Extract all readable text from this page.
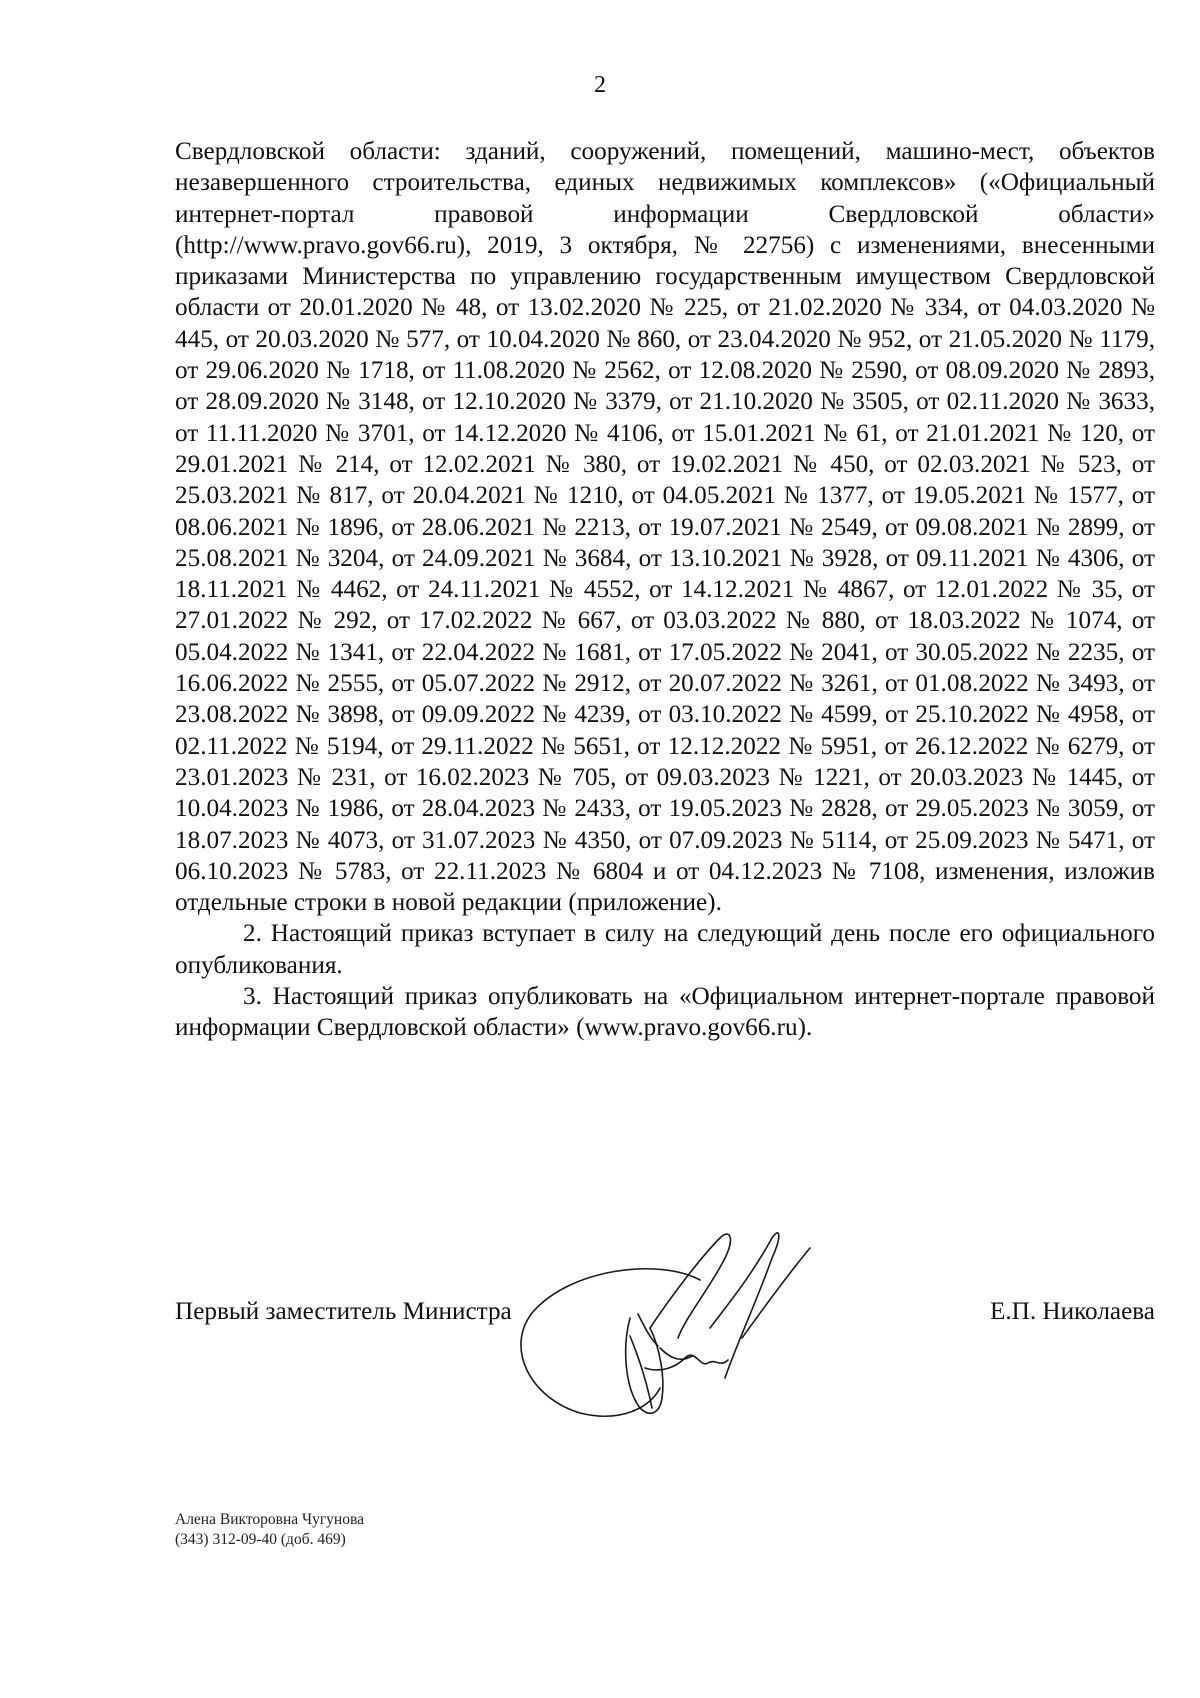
2

Свердловской области: зданий, сооружений, помещений, машино-мест, объектов незавершенного строительства, единых недвижимых комплексов» («Официальный интернет-портал правовой информации Свердловской области» (http://www.pravo.gov66.ru), 2019, 3 октября, № 22756) с изменениями, внесенными приказами Министерства по управлению государственным имуществом Свердловской области от 20.01.2020 № 48, от 13.02.2020 № 225, от 21.02.2020 № 334, от 04.03.2020 № 445, от 20.03.2020 № 577, от 10.04.2020 № 860, от 23.04.2020 № 952, от 21.05.2020 № 1179, от 29.06.2020 № 1718, от 11.08.2020 № 2562, от 12.08.2020 № 2590, от 08.09.2020 № 2893, от 28.09.2020 № 3148, от 12.10.2020 № 3379, от 21.10.2020 № 3505, от 02.11.2020 № 3633, от 11.11.2020 № 3701, от 14.12.2020 № 4106, от 15.01.2021 № 61, от 21.01.2021 № 120, от 29.01.2021 № 214, от 12.02.2021 № 380, от 19.02.2021 № 450, от 02.03.2021 № 523, от 25.03.2021 № 817, от 20.04.2021 № 1210, от 04.05.2021 № 1377, от 19.05.2021 № 1577, от 08.06.2021 № 1896, от 28.06.2021 № 2213, от 19.07.2021 № 2549, от 09.08.2021 № 2899, от 25.08.2021 № 3204, от 24.09.2021 № 3684, от 13.10.2021 № 3928, от 09.11.2021 № 4306, от 18.11.2021 № 4462, от 24.11.2021 № 4552, от 14.12.2021 № 4867, от 12.01.2022 № 35, от 27.01.2022 № 292, от 17.02.2022 № 667, от 03.03.2022 № 880, от 18.03.2022 № 1074, от 05.04.2022 № 1341, от 22.04.2022 № 1681, от 17.05.2022 № 2041, от 30.05.2022 № 2235, от 16.06.2022 № 2555, от 05.07.2022 № 2912, от 20.07.2022 № 3261, от 01.08.2022 № 3493, от 23.08.2022 № 3898, от 09.09.2022 № 4239, от 03.10.2022 № 4599, от 25.10.2022 № 4958, от 02.11.2022 № 5194, от 29.11.2022 № 5651, от 12.12.2022 № 5951, от 26.12.2022 № 6279, от 23.01.2023 № 231, от 16.02.2023 № 705, от 09.03.2023 № 1221, от 20.03.2023 № 1445, от 10.04.2023 № 1986, от 28.04.2023 № 2433, от 19.05.2023 № 2828, от 29.05.2023 № 3059, от 18.07.2023 № 4073, от 31.07.2023 № 4350, от 07.09.2023 № 5114, от 25.09.2023 № 5471, от 06.10.2023 № 5783, от 22.11.2023 № 6804 и от 04.12.2023 № 7108, изменения, изложив отдельные строки в новой редакции (приложение).

2. Настоящий приказ вступает в силу на следующий день после его официального опубликования.

3. Настоящий приказ опубликовать на «Официальном интернет-портале правовой информации Свердловской области» (www.pravo.gov66.ru).

Первый заместитель Министра	Е.П. Николаева
Алена Викторовна Чугунова
(343) 312-09-40 (доб. 469)
